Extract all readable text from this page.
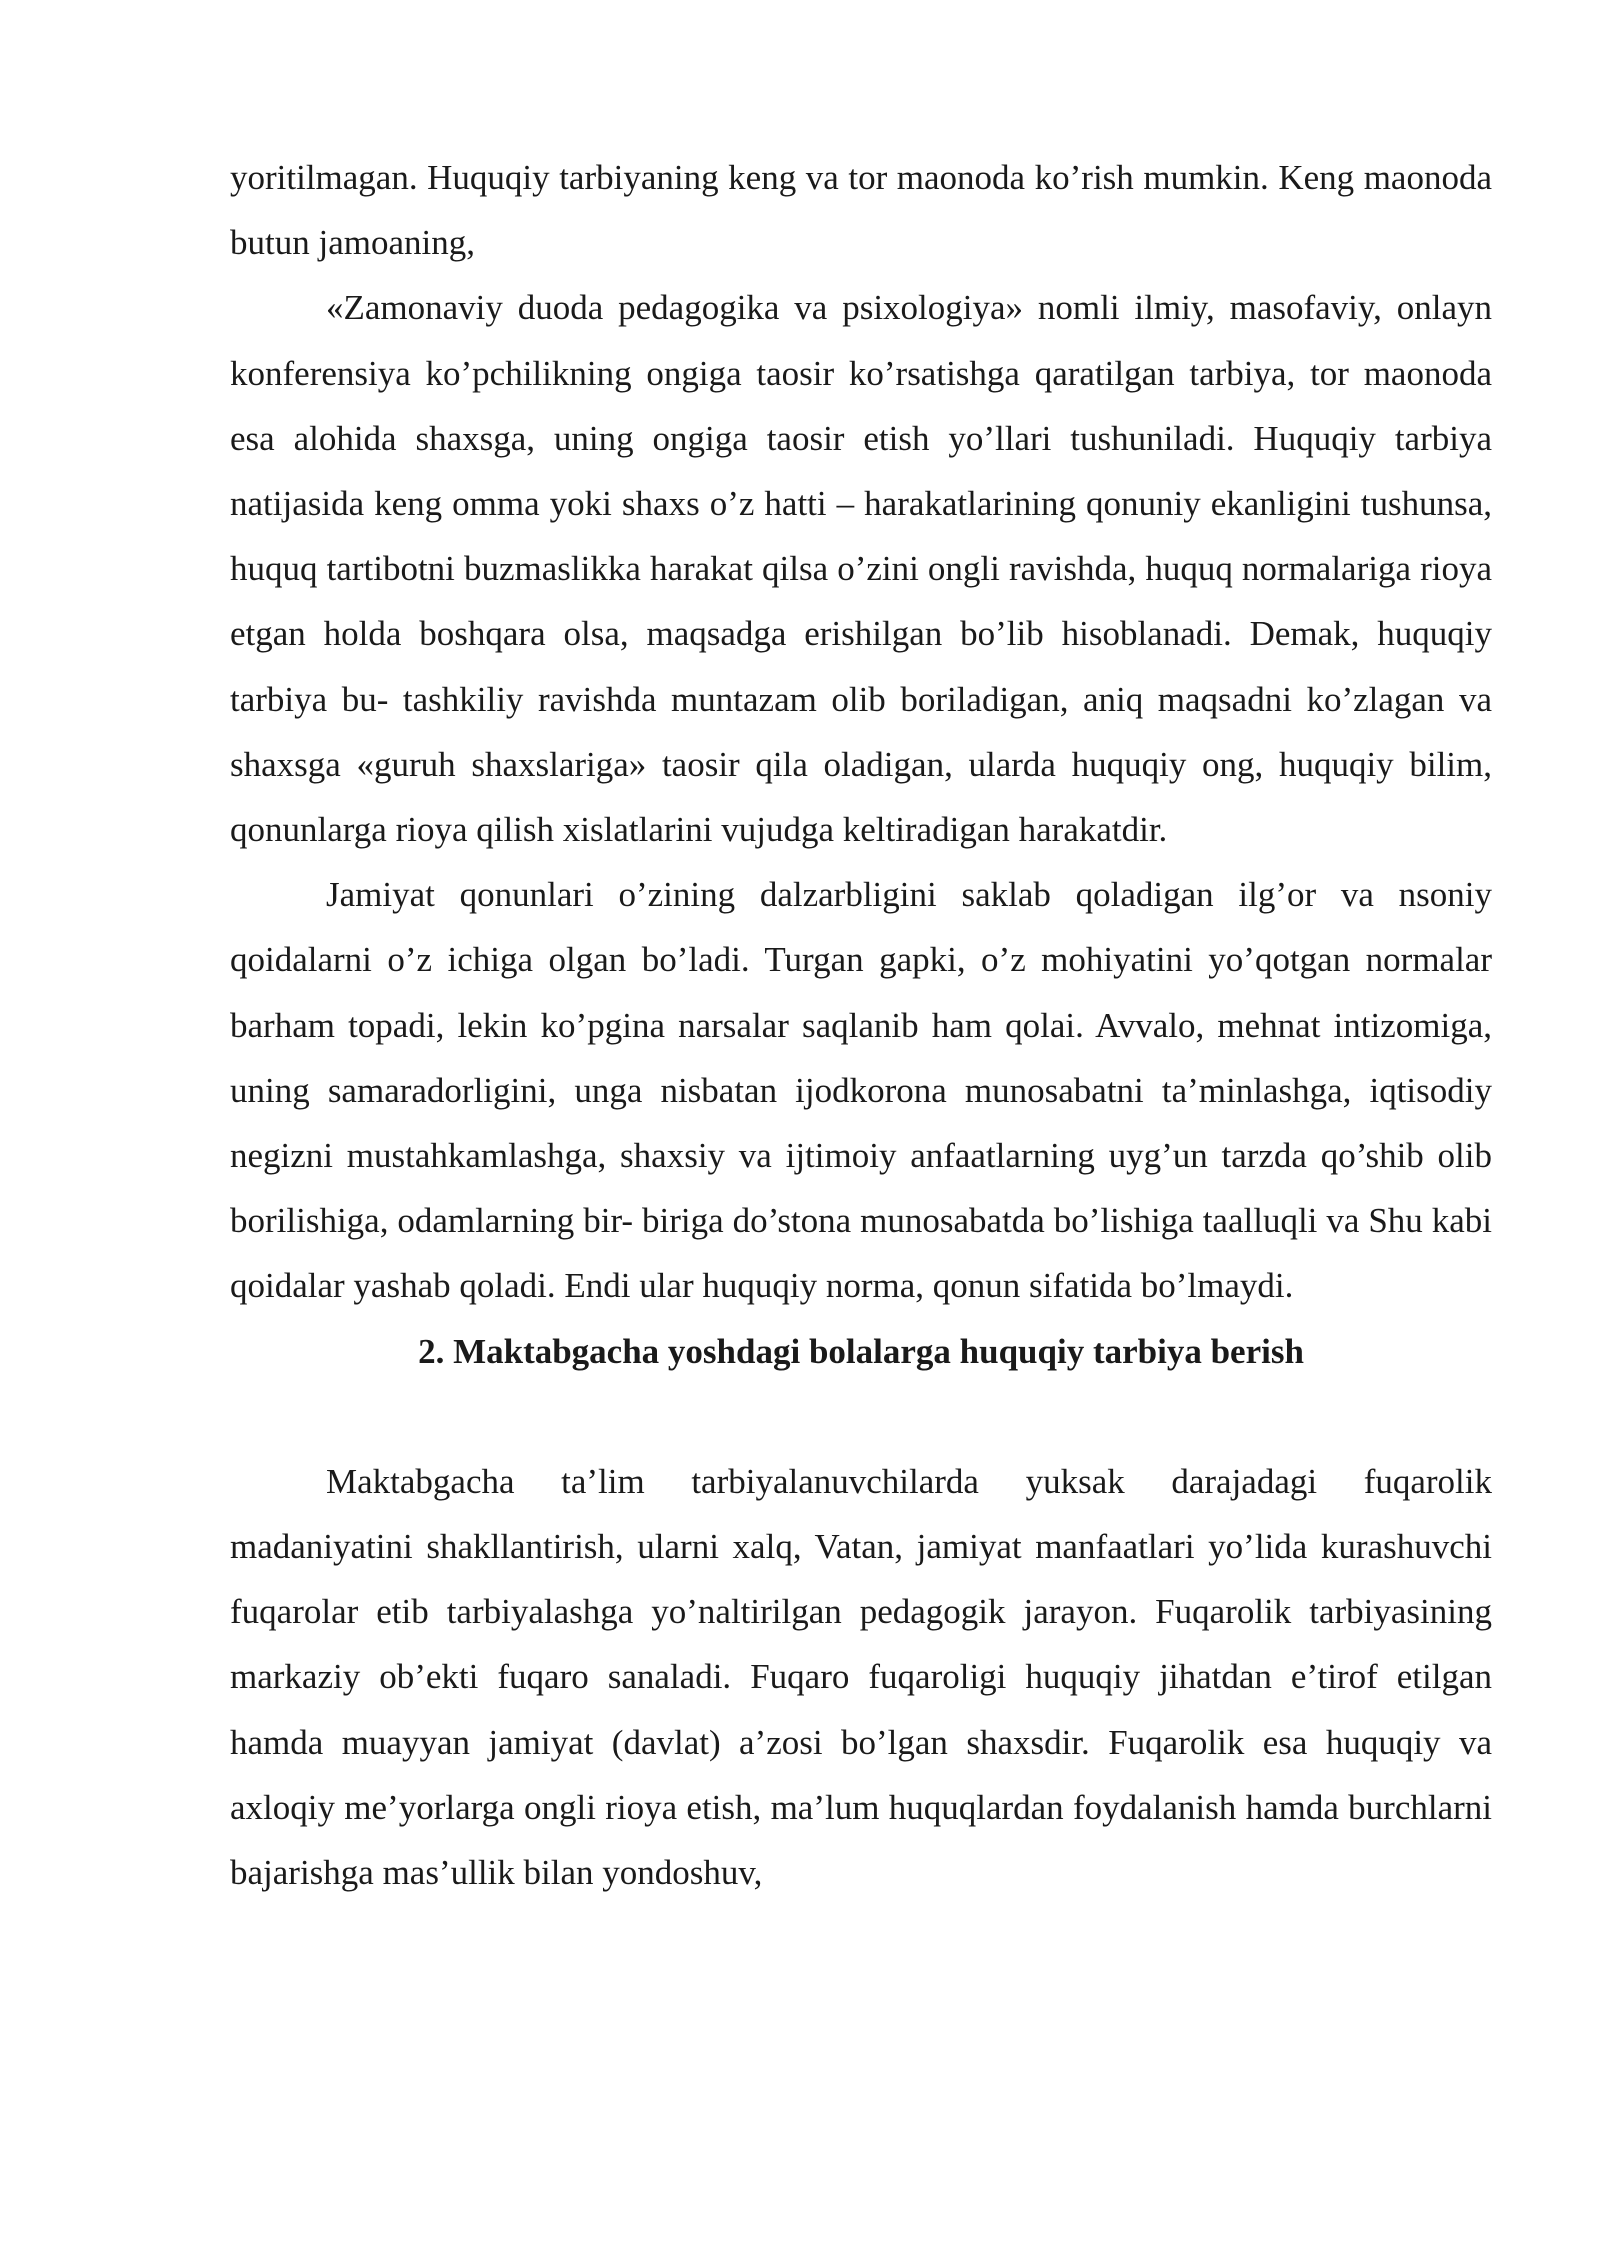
yoritilmagan. Huquqiy tarbiyaning keng va tor maonoda ko’rish mumkin. Keng maonoda butun jamoaning,

«Zamonaviy duoda pedagogika va psixologiya» nomli ilmiy, masofaviy, onlayn konferensiya ko’pchilikning ongiga taosir ko’rsatishga qaratilgan tarbiya, tor maonoda esa alohida shaxsga, uning ongiga taosir etish yo’llari tushuniladi. Huquqiy tarbiya natijasida keng omma yoki shaxs o’z hatti – harakatlarining qonuniy ekanligini tushunsa, huquq tartibotni buzmaslikka harakat qilsa o’zini ongli ravishda, huquq normalariga rioya etgan holda boshqara olsa, maqsadga erishilgan bo’lib hisoblanadi. Demak, huquqiy tarbiya bu- tashkiliy ravishda muntazam olib boriladigan, aniq maqsadni ko’zlagan va shaxsga «guruh shaxslariga» taosir qila oladigan, ularda huquqiy ong, huquqiy bilim, qonunlarga rioya qilish xislatlarini vujudga keltiradigan harakatdir.

Jamiyat qonunlari o’zining dalzarbligini saklab qoladigan ilg’or va nsoniy qoidalarni o’z ichiga olgan bo’ladi. Turgan gapki, o’z mohiyatini yo’qotgan normalar barham topadi, lekin ko’pgina narsalar saqlanib ham qolai. Avvalo, mehnat intizomiga, uning samaradorligini, unga nisbatan ijodkorona munosabatni ta’minlashga, iqtisodiy negizni mustahkamlashga, shaxsiy va ijtimoiy anfaatlarning uyg’un tarzda qo’shib olib borilishiga, odamlarning bir- biriga do’stona munosabatda bo’lishiga taalluqli va Shu kabi qoidalar yashab qoladi. Endi ular huquqiy norma, qonun sifatida bo’lmaydi.

2. Maktabgacha yoshdagi bolalarga huquqiy tarbiya berish

Maktabgacha ta’lim tarbiyalanuvchilarda yuksak darajadagi fuqarolik madaniyatini shakllantirish, ularni xalq, Vatan, jamiyat manfaatlari yo’lida kurashuvchi fuqarolar etib tarbiyalashga yo’naltirilgan pedagogik jarayon. Fuqarolik tarbiyasining markaziy ob’ekti fuqaro sanaladi. Fuqaro fuqaroligi huquqiy jihatdan e’tirof etilgan hamda muayyan jamiyat (davlat) a’zosi bo’lgan shaxsdir. Fuqarolik esa huquqiy va axloqiy me’yorlarga ongli rioya etish, ma’lum huquqlardan foydalanish hamda burchlarni bajarishga mas’ullik bilan yondoshuv,
